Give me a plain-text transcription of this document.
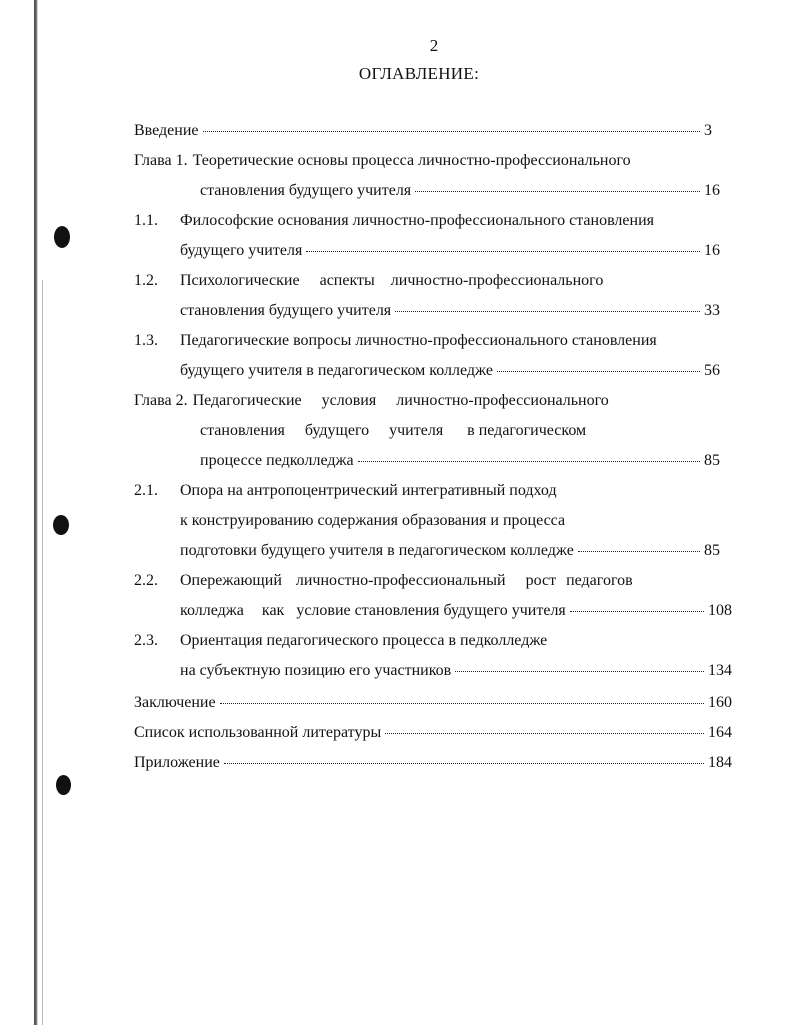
2
ОГЛАВЛЕНИЕ:
Введение	3
Глава 1. Теоретические основы процесса личностно-профессионального
становления будущего учителя	16
1.1.	Философские основания личностно-профессионального становления
будущего учителя	16
1.2.	Психологические аспекты личностно-профессионального
становления будущего учителя	33
1.3.	Педагогические вопросы личностно-профессионального становления
будущего учителя в педагогическом колледже	56
Глава 2. Педагогические условия личностно-профессионального
становления будущего учителя в педагогическом
процессе педколледжа	85
2.1.	Опора на антропоцентрический интегративный подход
к конструированию содержания образования и процесса
подготовки будущего учителя в педагогическом колледже	85
2.2.	Опережающий личностно-профессиональный рост педагогов
колледжа как условие становления будущего учителя	108
2.3.	Ориентация педагогического процесса в педколледже
на субъектную позицию его участников	134
Заключение	160
Список использованной литературы	164
Приложение	184
